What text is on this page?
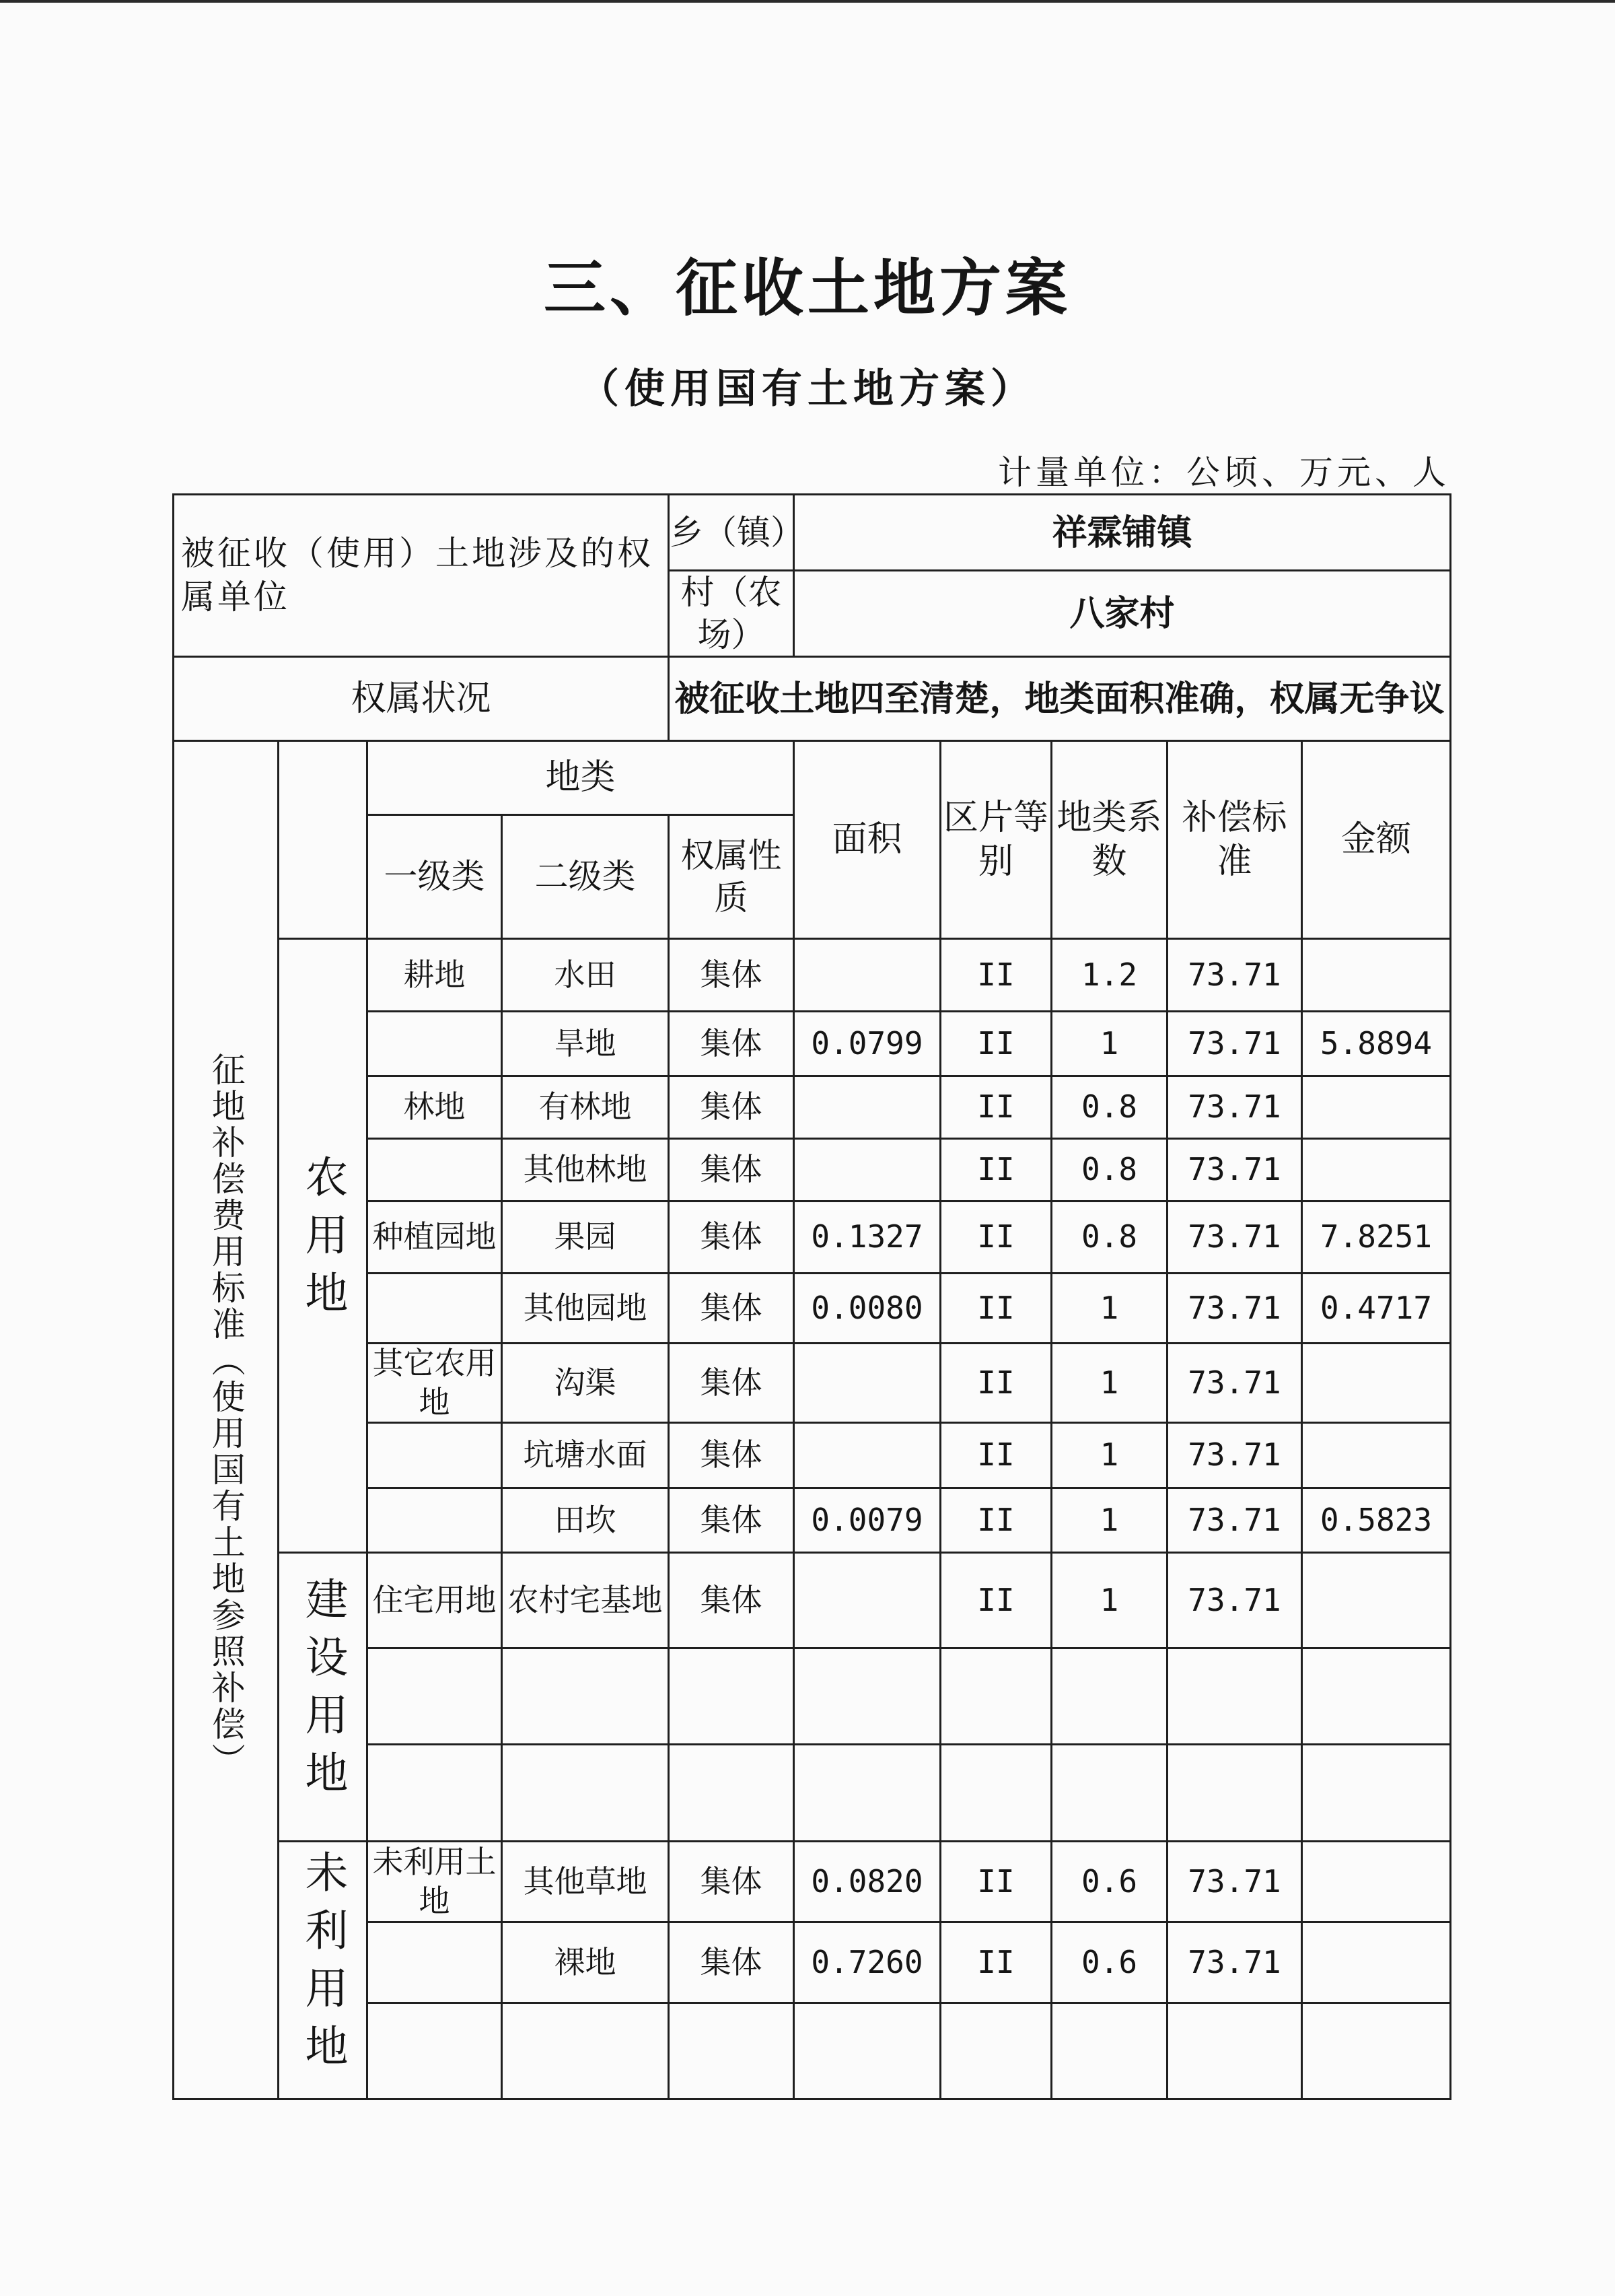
三、征收土地方案
（使用国有土地方案）
计量单位：公顷、万元、人
被征收（使用）土地涉及的权属单位				乡（镇）	祥霖铺镇				
				村（农场）	八家村				
权属状况				被征收土地四至清楚，地类面积准确，权属无争议					
征地补偿费用标准（使用国有土地参照补偿）		地类			面积	区片等别	地类系数	补偿标准	金额
		一级类	二级类	权属性质					
	农用地	耕地	水田	集体		II	1.2	73.71	
			旱地	集体	0.0799	II	1	73.71	5.8894
		林地	有林地	集体		II	0.8	73.71	
			其他林地	集体		II	0.8	73.71	
		种植园地	果园	集体	0.1327	II	0.8	73.71	7.8251
			其他园地	集体	0.0080	II	1	73.71	0.4717
		其它农用地	沟渠	集体		II	1	73.71	
			坑塘水面	集体		II	1	73.71	
			田坎	集体	0.0079	II	1	73.71	0.5823
	建设用地	住宅用地	农村宅基地	集体		II	1	73.71	

	未利用地	未利用土地	其他草地	集体	0.0820	II	0.6	73.71	
			裸地	集体	0.7260	II	0.6	73.71	
